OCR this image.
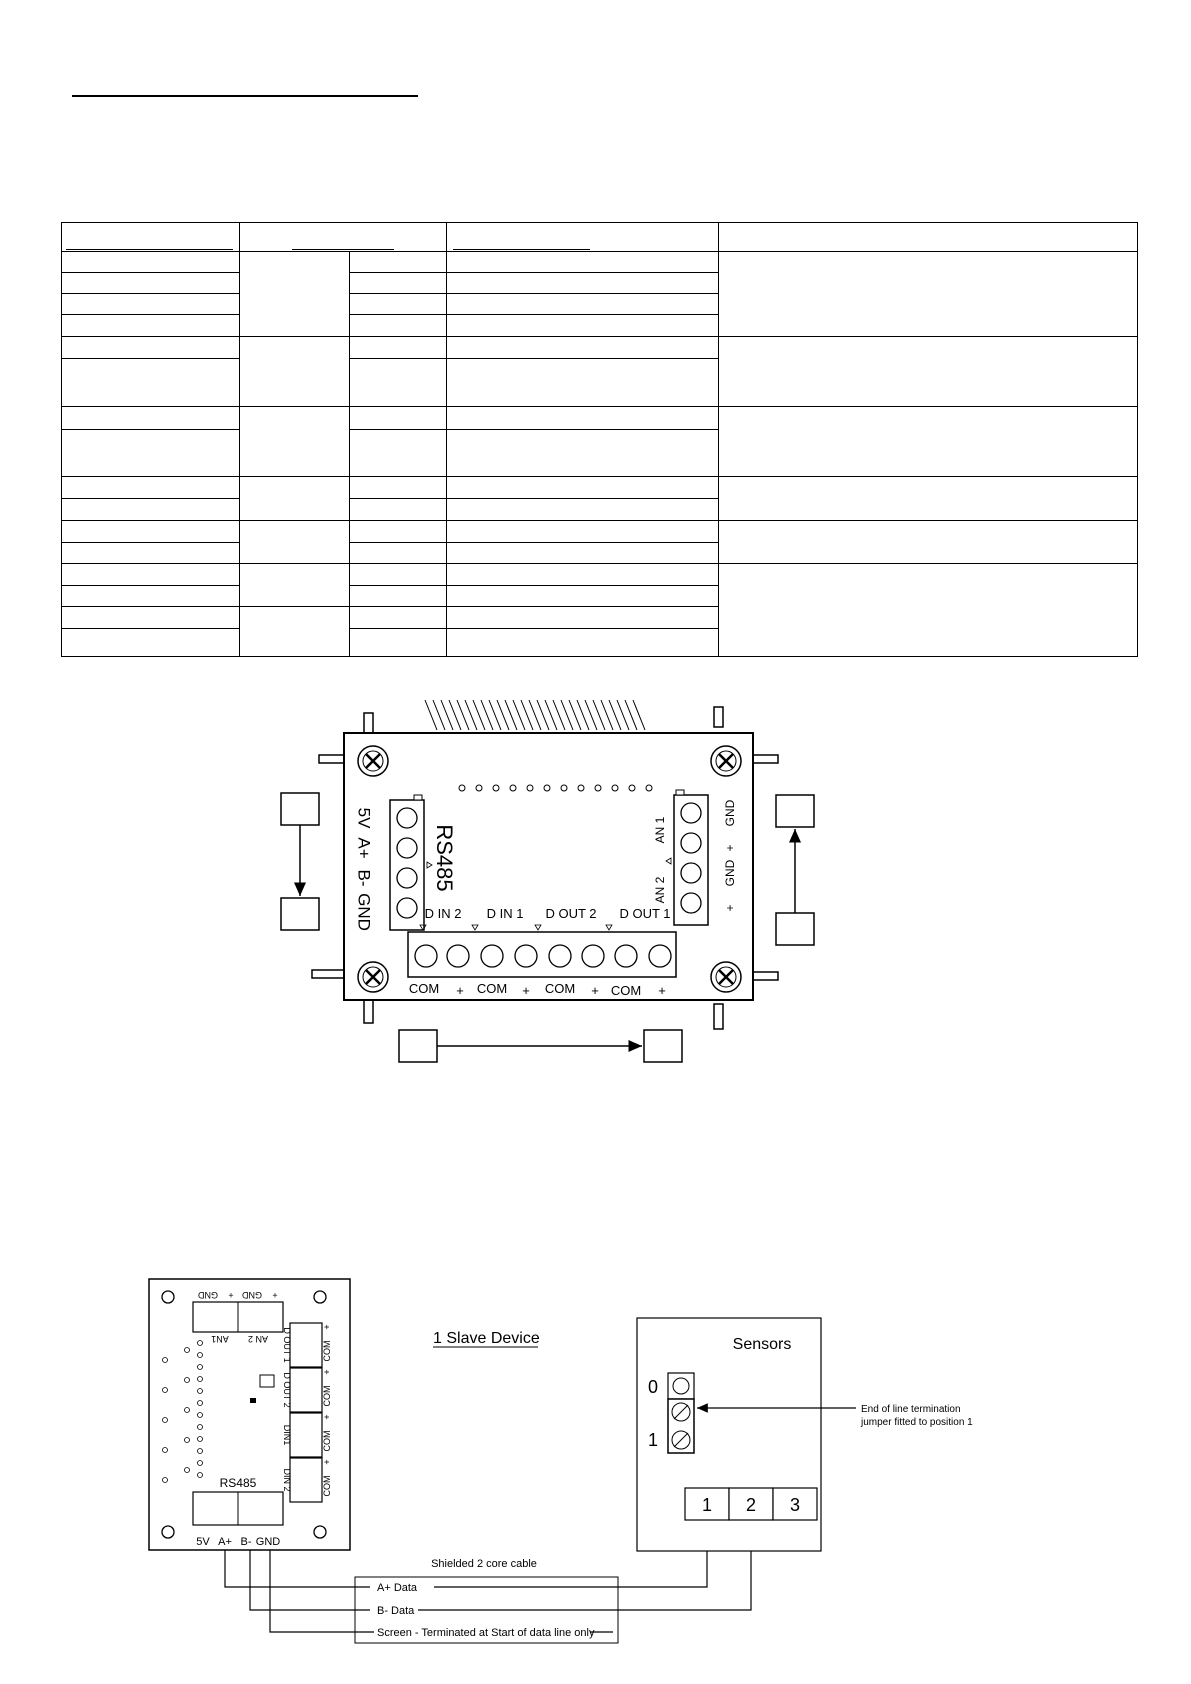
5V
A+
B-
GND
RS485	AN 1
AN 2
GND
+
GND
+
D IN 2 D IN 1 D OUT 2 D OUT 1
COM + COM + COM + COM +
GND + GND +
AN1 AN 2 D OUT 1
D OUT 2
DIN1
DIN 2
+
COM
+
COM
+
COM
+
COM
RS485
5V A+ B- GND
1 Slave Device	Sensors
0
1
End of line termination
jumper fitted to position 1
1 2 3
Shielded 2 core cable
A+ Data
B- Data
Screen - Terminated at Start of data line only
